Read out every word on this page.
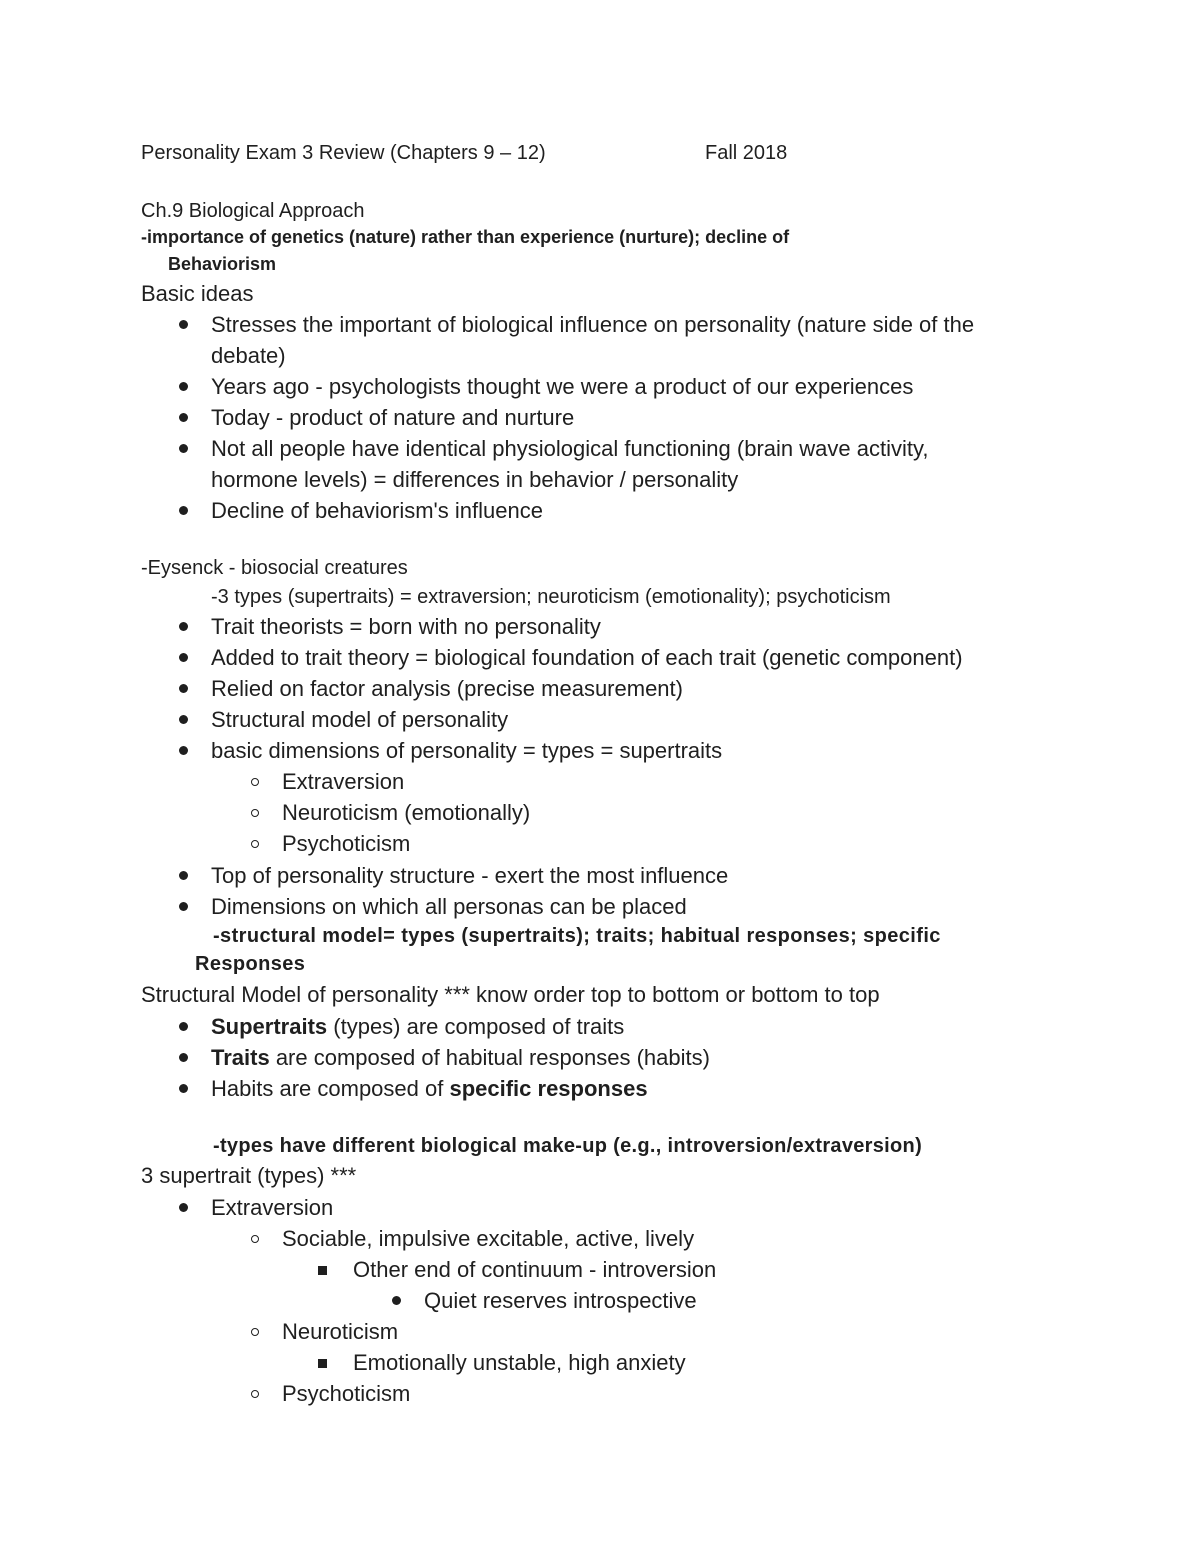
Personality Exam 3 Review (Chapters 9 – 12)	Fall 2018
Ch.9 Biological Approach
-importance of genetics (nature) rather than experience (nurture); decline of
Behaviorism
Basic ideas
Stresses the important of biological influence on personality (nature side of the
debate)
Years ago - psychologists thought we were a product of our experiences
Today - product of nature and nurture
Not all people have identical physiological functioning (brain wave activity,
hormone levels) = differences in behavior / personality
Decline of behaviorism's influence
-Eysenck - biosocial creatures
-3 types (supertraits) = extraversion; neuroticism (emotionality); psychoticism
Trait theorists = born with no personality
Added to trait theory = biological foundation of each trait (genetic component)
Relied on factor analysis (precise measurement)
Structural model of personality
basic dimensions of personality = types = supertraits
Extraversion
Neuroticism (emotionally)
Psychoticism
Top of personality structure - exert the most influence
Dimensions on which all personas can be placed
-structural model= types (supertraits); traits; habitual responses; specific
Responses
Structural Model of personality *** know order top to bottom or bottom to top
Supertraits (types) are composed of traits
Traits are composed of habitual responses (habits)
Habits are composed of specific responses
-types have different biological make-up (e.g., introversion/extraversion)
3 supertrait (types) ***
Extraversion
Sociable, impulsive excitable, active, lively
Other end of continuum - introversion
Quiet reserves introspective
Neuroticism
Emotionally unstable, high anxiety
Psychoticism
